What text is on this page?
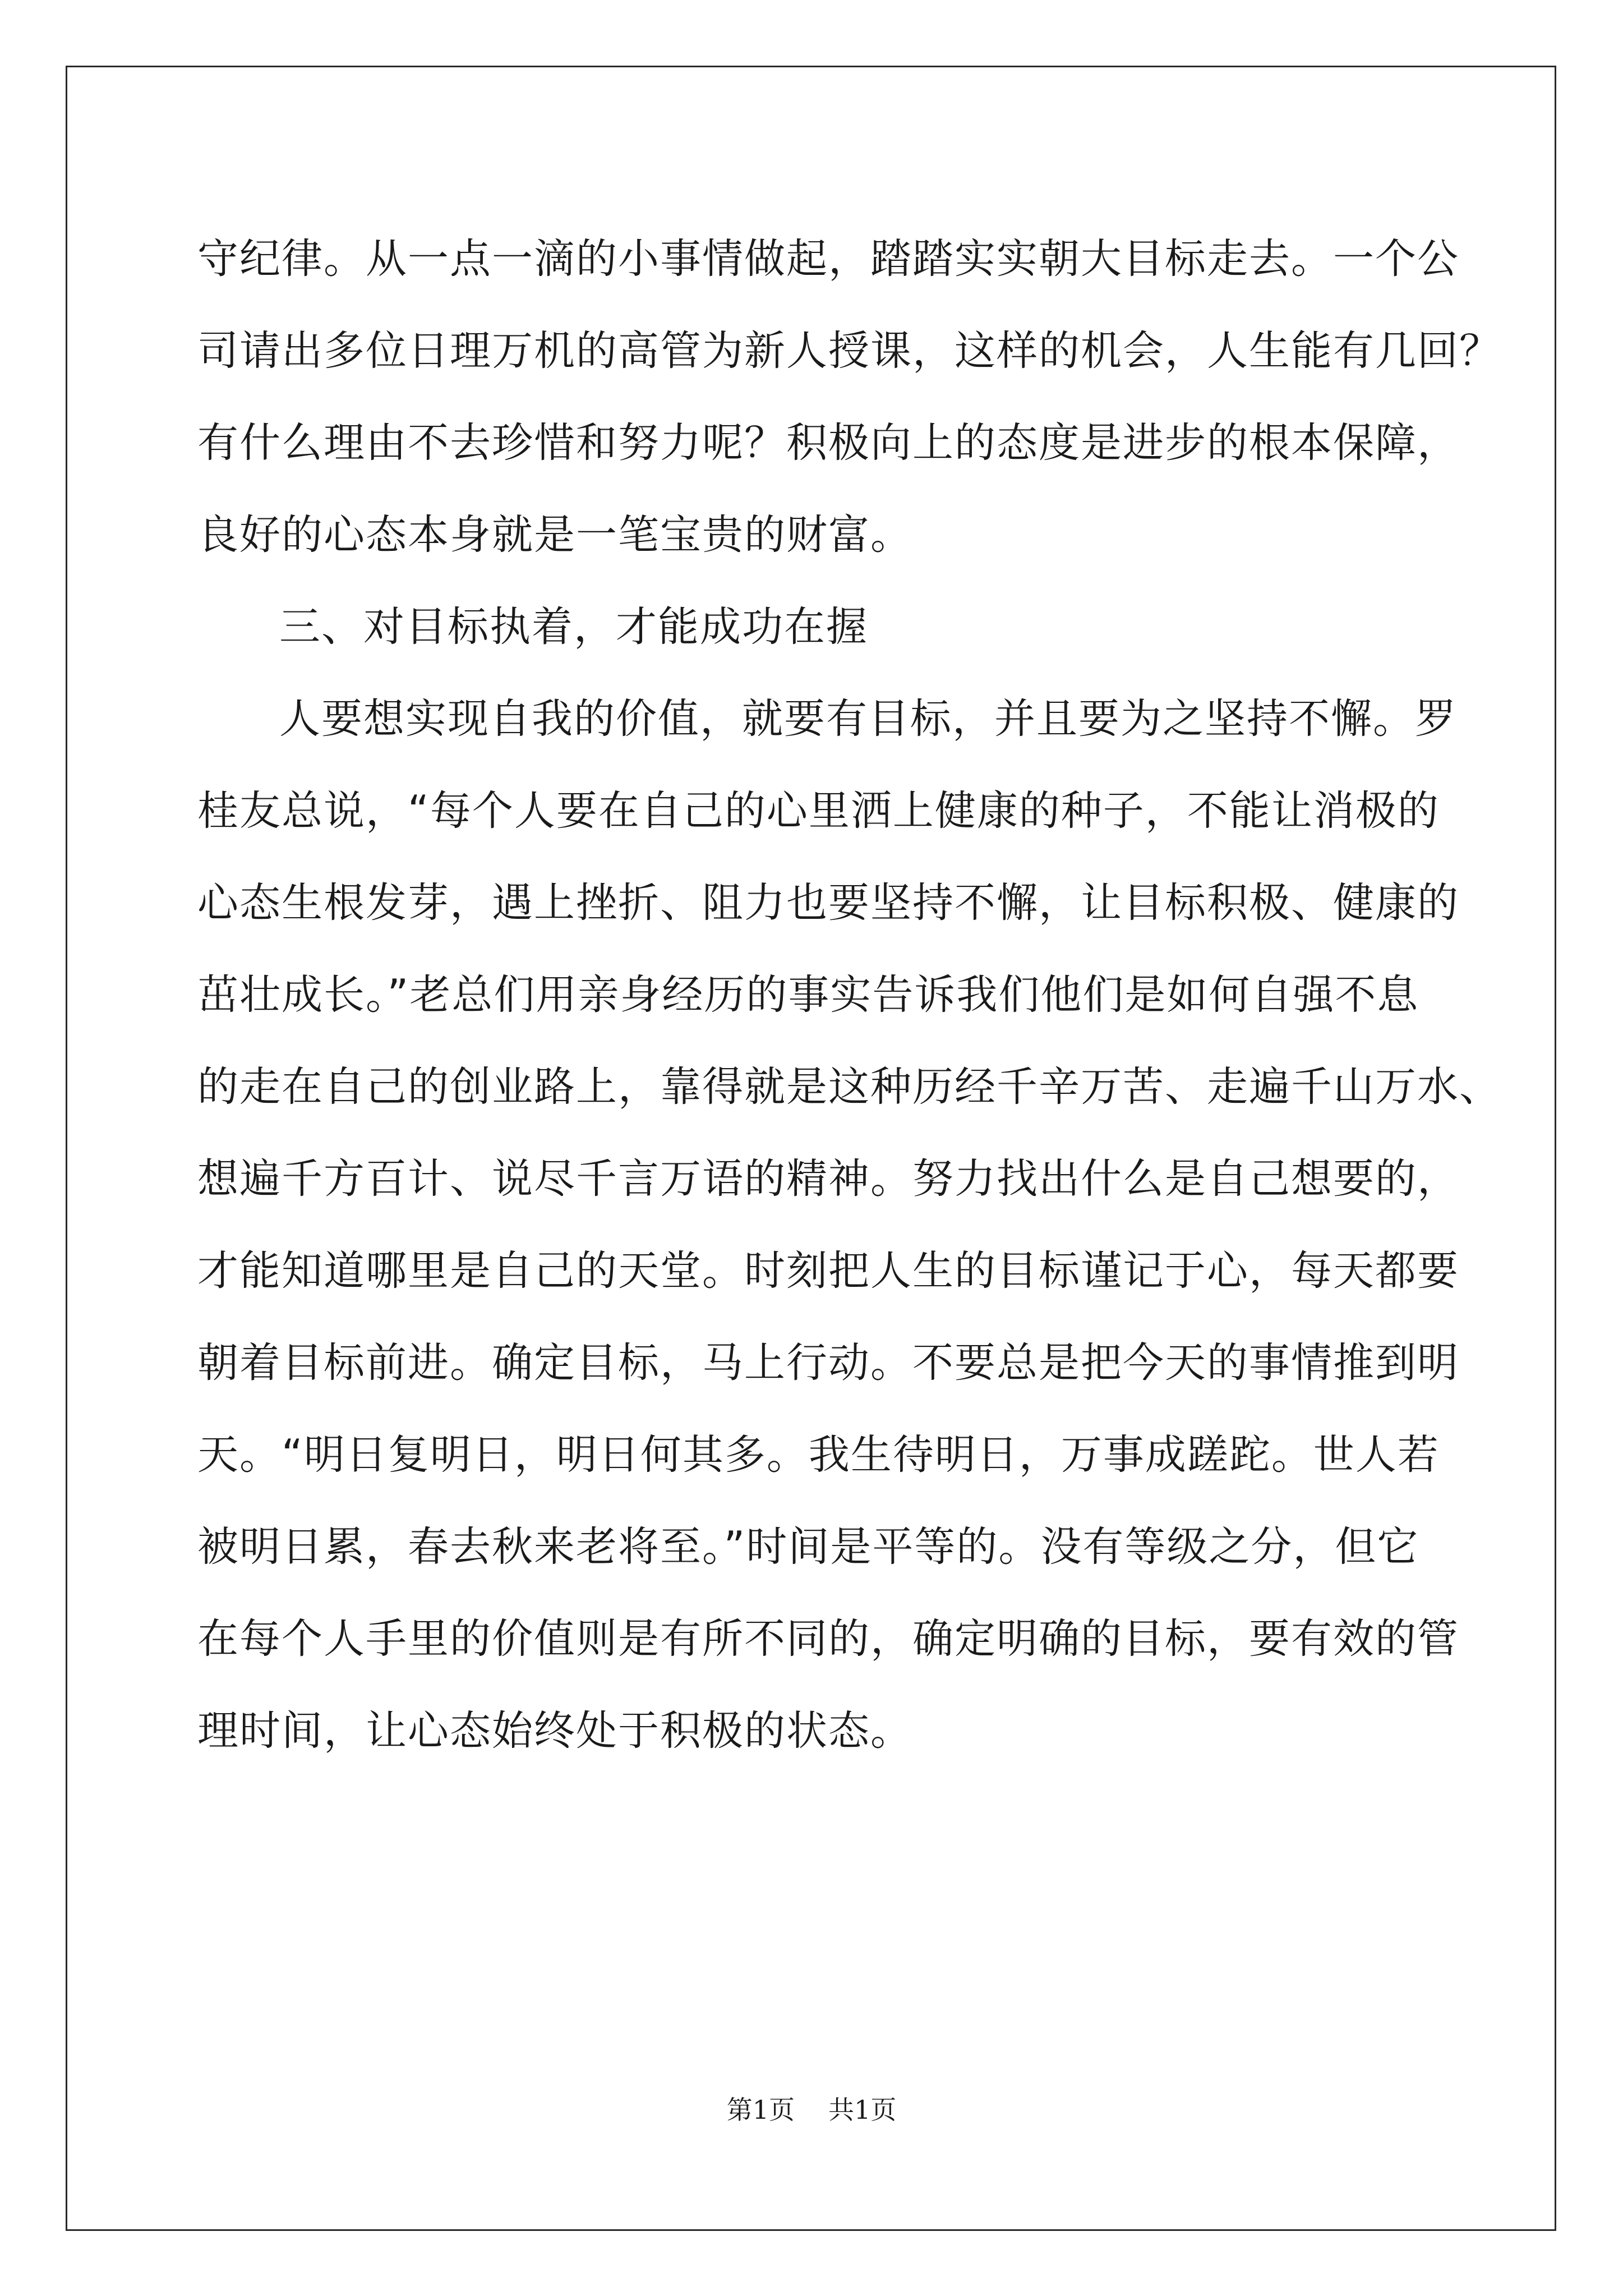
守纪律。从一点一滴的小事情做起，踏踏实实朝大目标走去。一个公
司请出多位日理万机的高管为新人授课，这样的机会，人生能有几回？
有什么理由不去珍惜和努力呢？积极向上的态度是进步的根本保障，
良好的心态本身就是一笔宝贵的财富。
三、对目标执着，才能成功在握
人要想实现自我的价值，就要有目标，并且要为之坚持不懈。罗
桂友总说，“每个人要在自己的心里洒上健康的种子，不能让消极的
心态生根发芽，遇上挫折、阻力也要坚持不懈，让目标积极、健康的
茁壮成长。”老总们用亲身经历的事实告诉我们他们是如何自强不息
的走在自己的创业路上，靠得就是这种历经千辛万苦、走遍千山万水、
想遍千方百计、说尽千言万语的精神。努力找出什么是自己想要的，
才能知道哪里是自己的天堂。时刻把人生的目标谨记于心，每天都要
朝着目标前进。确定目标，马上行动。不要总是把今天的事情推到明
天。“明日复明日，明日何其多。我生待明日，万事成蹉跎。世人若
被明日累，春去秋来老将至。”时间是平等的。没有等级之分，但它
在每个人手里的价值则是有所不同的，确定明确的目标，要有效的管
理时间，让心态始终处于积极的状态。
第1页 共1页
